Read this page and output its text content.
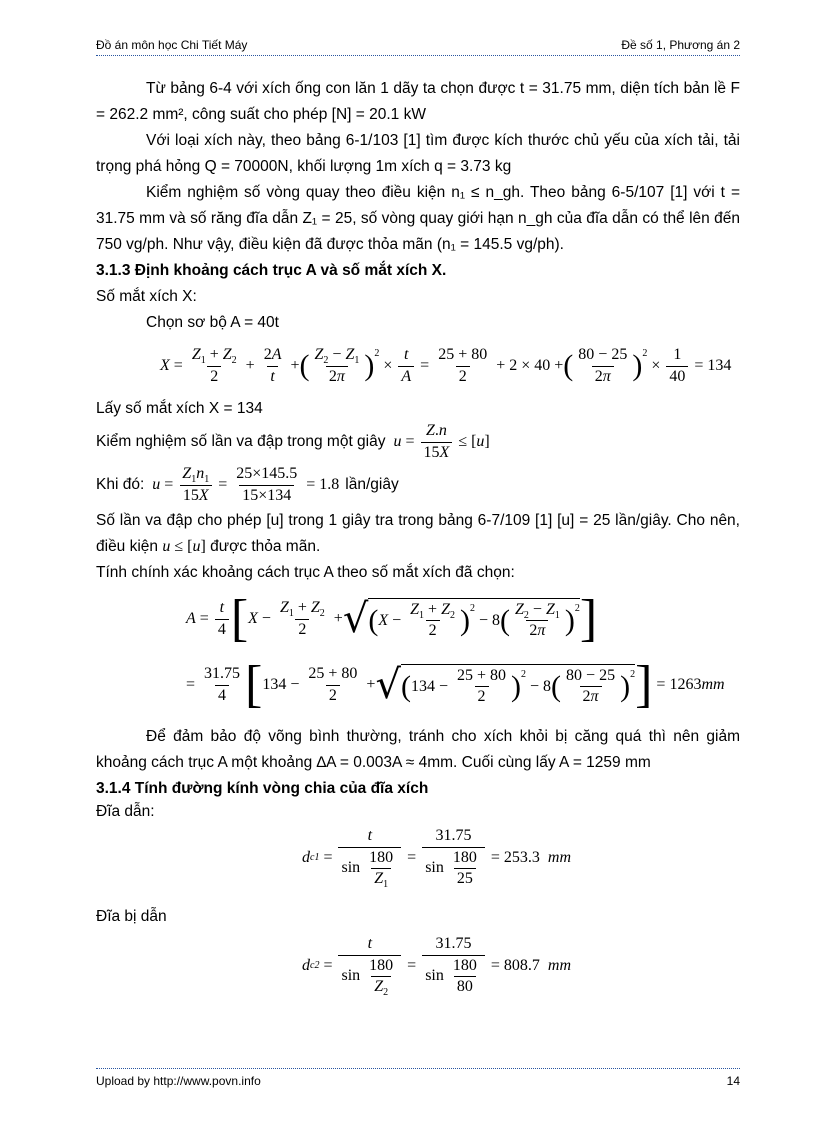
Đồ án môn học Chi Tiết Máy	Đề số 1, Phương án 2

Từ bảng 6-4 với xích ống con lăn 1 dãy ta chọn được t = 31.75 mm, diện tích bản lề F = 262.2 mm², công suất cho phép [N] = 20.1 kW

Với loại xích này, theo bảng 6-1/103 [1] tìm được kích thước chủ yếu của xích tải, tải trọng phá hỏng Q = 70000N, khối lượng 1m xích q = 3.73 kg

Kiểm nghiệm số vòng quay theo điều kiện n₁ ≤ n_gh. Theo bảng 6-5/107 [1] với t = 31.75 mm và số răng đĩa dẫn Z₁ = 25, số vòng quay giới hạn n_gh của đĩa dẫn có thể lên đến 750 vg/ph. Như vậy, điều kiện đã được thỏa mãn (n₁ = 145.5 vg/ph).

3.1.3 Định khoảng cách trục A và số mắt xích X.

Số mắt xích X:

Chọn sơ bộ A = 40t

$X = \frac{Z_1 + Z_2}{2} + \frac{2A}{t}$ + ( $\frac{Z_2 - Z_1}{2\pi} )^2$
× $\frac{t}{A} = \frac{25 + 80}{2} + 2 \times 40$ + ( $\frac{80 - 25}{2\pi} )^2$
× $\frac{1}{40} = 134$

Lấy số mắt xích X = 134

Kiểm nghiệm số lần va đập trong một giây $u = \frac{Z.n}{15X}$ ≤ [ u ]
Khi đó: $u = \frac{Z_1n_1}{15X} = \frac{25\times 145.5}{15\times 134} = 1.8$ lần/giây

Số lần va đập cho phép [u] trong 1 giây tra trong bảng 6-7/109 [1] [u] = 25 lần/giây. Cho nên, điều kiện u ≤ [u] được thỏa mãn.

Tính chính xác khoảng cách trục A theo số mắt xích đã chọn:

$A = \frac{t}{4}$ [ $X - \frac{Z_1 + Z_2}{2}$ + √ ( $X - \frac{Z_1 + Z_2}{2} )^2$
− 8 ( $\frac{Z_2 - Z_1}{2\pi} )^2$ ]
= $\frac{31.75}{4}$ [ $134 - \frac{25 + 80}{2}$ + √ ( $134 - \frac{25 + 80}{2} )^2$
− 8 ( $\frac{80 - 25}{2\pi} )^2$ ] = 1263 mm

Để đảm bảo độ võng bình thường, tránh cho xích khỏi bị căng quá thì nên giảm khoảng cách trục A một khoảng ∆A = 0.003A ≈ 4mm. Cuối cùng lấy A = 1259 mm

3.1.4 Tính đường kính vòng chia của đĩa xích

Đĩa dẫn:

d $c1 = \frac{t}{\sin \frac{180}{Z_1}} = \frac{31.75}{\sin \frac{180}{25}} = 253.3$
mm

Đĩa bị dẫn

d $c2 = \frac{t}{\sin \frac{180}{Z_2}} = \frac{31.75}{\sin \frac{180}{80}} = 808.7$
mm
Upload by http://www.povn.info	14
